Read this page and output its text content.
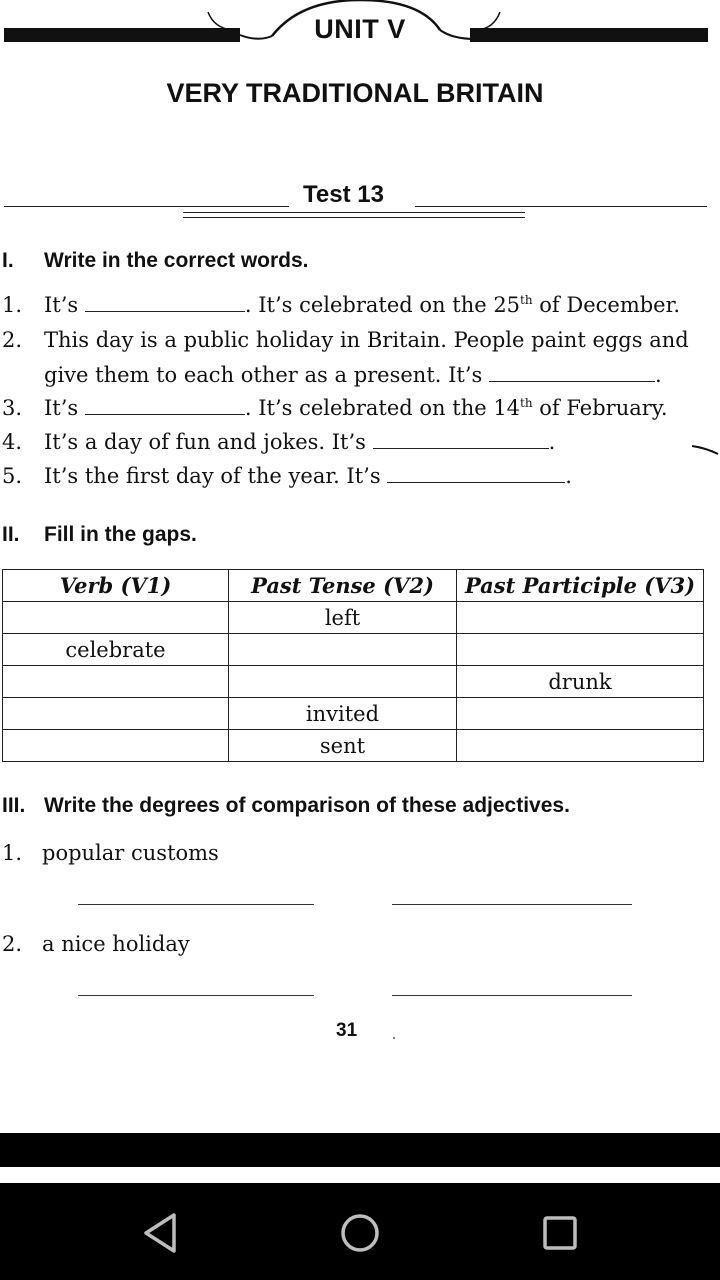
UNIT V
VERY TRADITIONAL BRITAIN
Test 13
I. Write in the correct words.
1. It’s	. It’s celebrated on the 25th of December.
2. This day is a public holiday in Britain. People paint eggs and
give them to each other as a present. It’s	.
3. It’s	. It’s celebrated on the 14th of February.
4. It’s a day of fun and jokes. It’s	.
5. It’s the first day of the year. It’s	.
II. Fill in the gaps.
Verb (V1)	Past Tense (V2)	Past Participle (V3)
	left	
celebrate		
		drunk
	invited	
	sent	
III. Write the degrees of comparison of these adjectives.
1. popular customs
2. a nice holiday
31
